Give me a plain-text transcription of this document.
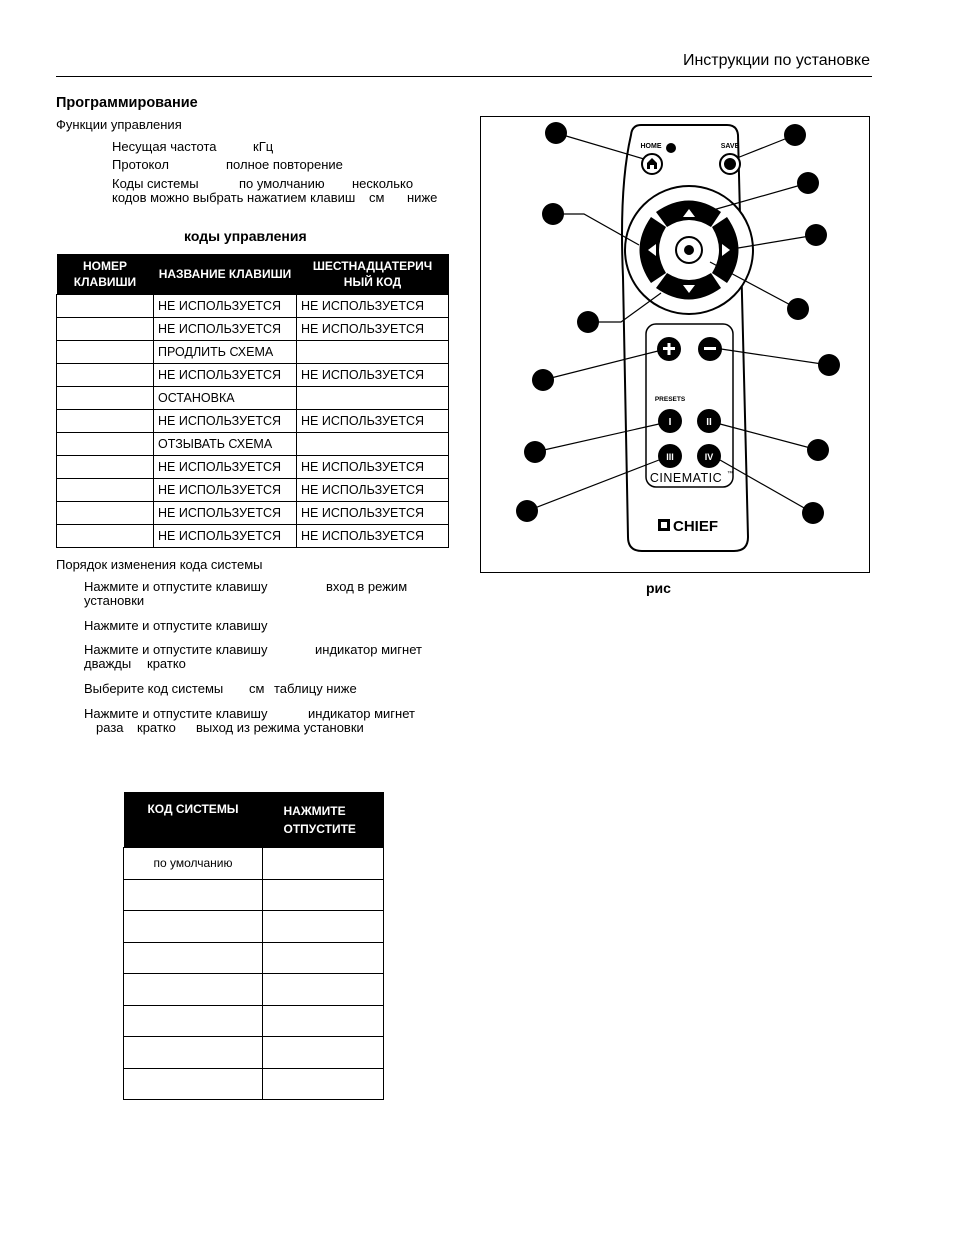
Инструкции по установке
Программирование
Функции управления
Несущая частота	кГц
Протокол	полное повторение
Коды системы	по умолчанию несколько
кодов можно выбрать нажатием клавиш см ниже
коды управления
НОМЕР КЛАВИШИ	НАЗВАНИЕ КЛАВИШИ	ШЕСТНАДЦАТЕРИЧ НЫЙ КОД
	НЕ ИСПОЛЬЗУЕТСЯ	НЕ ИСПОЛЬЗУЕТСЯ
	НЕ ИСПОЛЬЗУЕТСЯ	НЕ ИСПОЛЬЗУЕТСЯ
	ПРОДЛИТЬ СХЕМА	
	НЕ ИСПОЛЬЗУЕТСЯ	НЕ ИСПОЛЬЗУЕТСЯ
	ОСТАНОВКА	
	НЕ ИСПОЛЬЗУЕТСЯ	НЕ ИСПОЛЬЗУЕТСЯ
	ОТЗЫВАТЬ СХЕМА	
	НЕ ИСПОЛЬЗУЕТСЯ	НЕ ИСПОЛЬЗУЕТСЯ
	НЕ ИСПОЛЬЗУЕТСЯ	НЕ ИСПОЛЬЗУЕТСЯ
	НЕ ИСПОЛЬЗУЕТСЯ	НЕ ИСПОЛЬЗУЕТСЯ
	НЕ ИСПОЛЬЗУЕТСЯ	НЕ ИСПОЛЬЗУЕТСЯ
Порядок изменения кода системы
Нажмите и отпустите клавишу	вход в режим
установки
Нажмите и отпустите клавишу
Нажмите и отпустите клавишу	индикатор мигнет
дважды кратко
Выберите код системы см таблицу ниже
Нажмите и отпустите клавишу	индикатор мигнет
раза кратко выход из режима установки
КОД СИСТЕМЫ	НАЖМИТЕ ОТПУСТИТЕ
по умолчанию	

HOME	SAVE
PRESETS
I	II
III	IV
CINEMATIC ™
CHIEF
рис
